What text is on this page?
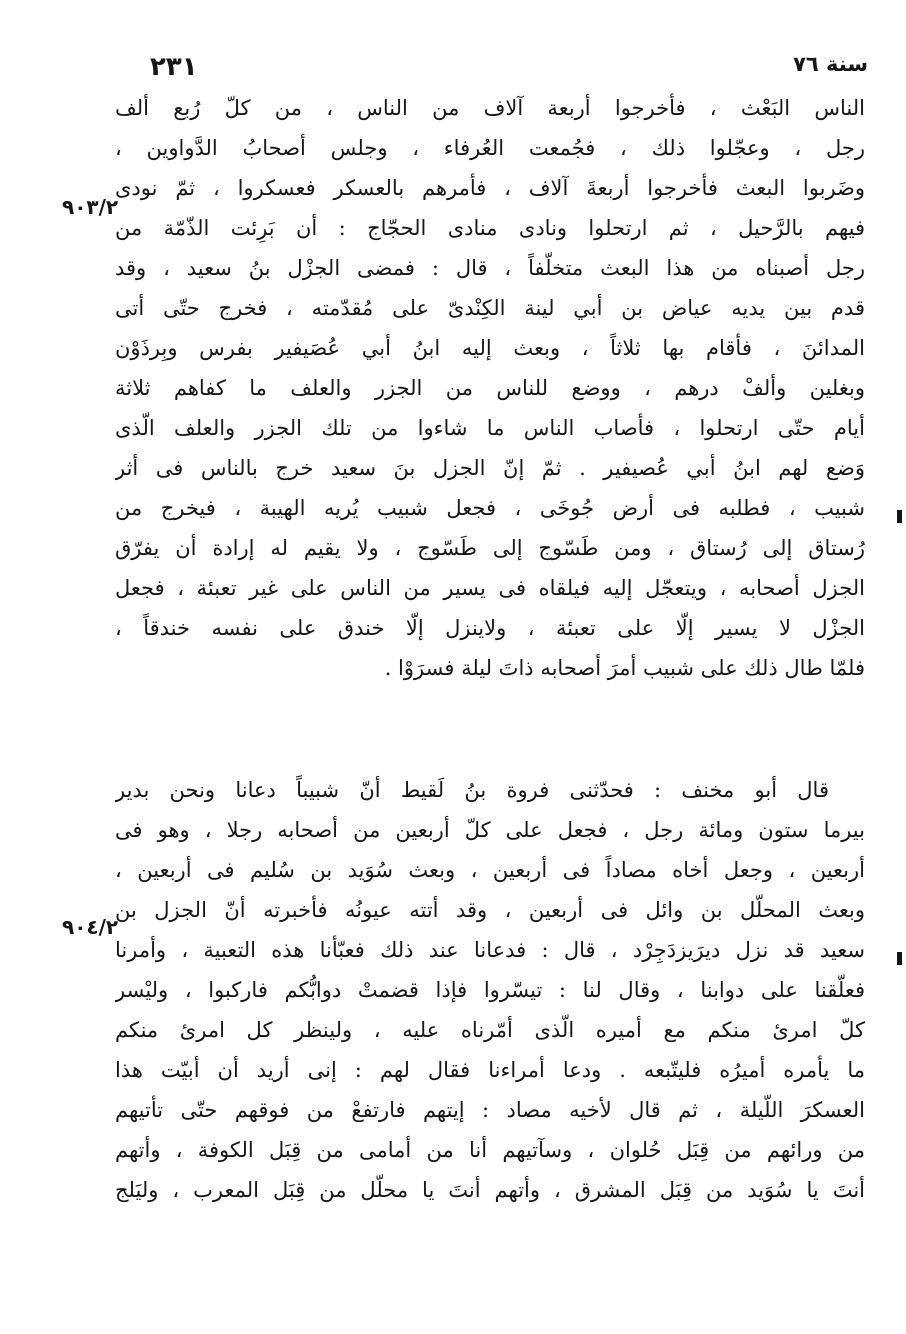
٢٣١	سنة ٧٦
الناس البَعْث ، فأخرجوا أربعة آلاف من الناس ، من كلّ رُبع ألف
رجل ، وعجّلوا ذلك ، فجُمعت العُرفاء ، وجلس أصحابُ الدَّواوين ،
وضَربوا البعث فأخرجوا أربعةَ آلاف ، فأمرهم بالعسكر فعسكروا ، ثمّ نودى
فيهم بالرَّحيل ، ثم ارتحلوا ونادى منادى الحجّاج : أن بَرِئت الذّمّة من
رجل أصبناه من هذا البعث متخلّفاً ، قال : فمضى الجزْل بنُ سعيد ، وقد
قدم بين يديه عياض بن أبي لينة الكِنْدىّ على مُقدّمته ، فخرج حتّى أتى
المدائنَ ، فأقام بها ثلاثاً ، وبعث إليه ابنُ أبي عُصَيفير بفرس وبِرذَوْن
وبغلين وألفْ درهم ، ووضع للناس من الجزر والعلف ما كفاهم ثلاثة
أيام حتّى ارتحلوا ، فأصاب الناس ما شاءوا من تلك الجزر والعلف الّذى
وَضع لهم ابنُ أبي عُصيفير . ثمّ إنّ الجزل بنَ سعيد خرج بالناس فى أثر
شبيب ، فطلبه فى أرض جُوخَى ، فجعل شبيب يُريه الهيبة ، فيخرج من
رُستاق إلى رُستاق ، ومن طَسّوج إلى طَسّوج ، ولا يقيم له إرادة أن يفرّق
الجزل أصحابه ، ويتعجّل إليه فيلقاه فى يسير من الناس على غير تعبئة ، فجعل
الجزْل لا يسير إلّا على تعبئة ، ولاينزل إلّا خندق على نفسه خندقاً ،
فلمّا طال ذلك على شبيب أمرَ أصحابه ذاتَ ليلة فسرَوْا .
قال أبو مخنف : فحدّثنى فروة بنُ لَقيط أنّ شبيباً دعانا ونحن بدير
بيرما ستون ومائة رجل ، فجعل على كلّ أربعين من أصحابه رجلا ، وهو فى
أربعين ، وجعل أخاه مصاداً فى أربعين ، وبعث سُوَيد بن سُليم فى أربعين ،
وبعث المحلّل بن وائل فى أربعين ، وقد أتته عيونُه فأخبرته أنّ الجزل بن
سعيد قد نزل ديرَيزدَجِرْد ، قال : فدعانا عند ذلك فعبّأنا هذه التعبية ، وأمرنا
فعلّقنا على دوابنا ، وقال لنا : تيسّروا فإذا قضمتْ دوابُّكم فاركبوا ، وليْسر
كلّ امرئ منكم مع أميره الّذى أمّرناه عليه ، ولينظر كل امرئ منكم
ما يأمره أميرُه فليتّبعه . ودعا أمراءنا فقال لهم : إنى أريد أن أبيّت هذا
العسكرَ اللّيلة ، ثم قال لأخيه مصاد : إيتهم فارتفعْ من فوقهم حتّى تأتيهم
من ورائهم من قِبَل حُلوان ، وسآتيهم أنا من أمامى من قِبَل الكوفة ، وأتهم
أنتَ يا سُوَيد من قِبَل المشرق ، وأتهم أنتَ يا محلّل من قِبَل المعرب ، وليَلج
٩٠٣/٢
٩٠٤/٢
